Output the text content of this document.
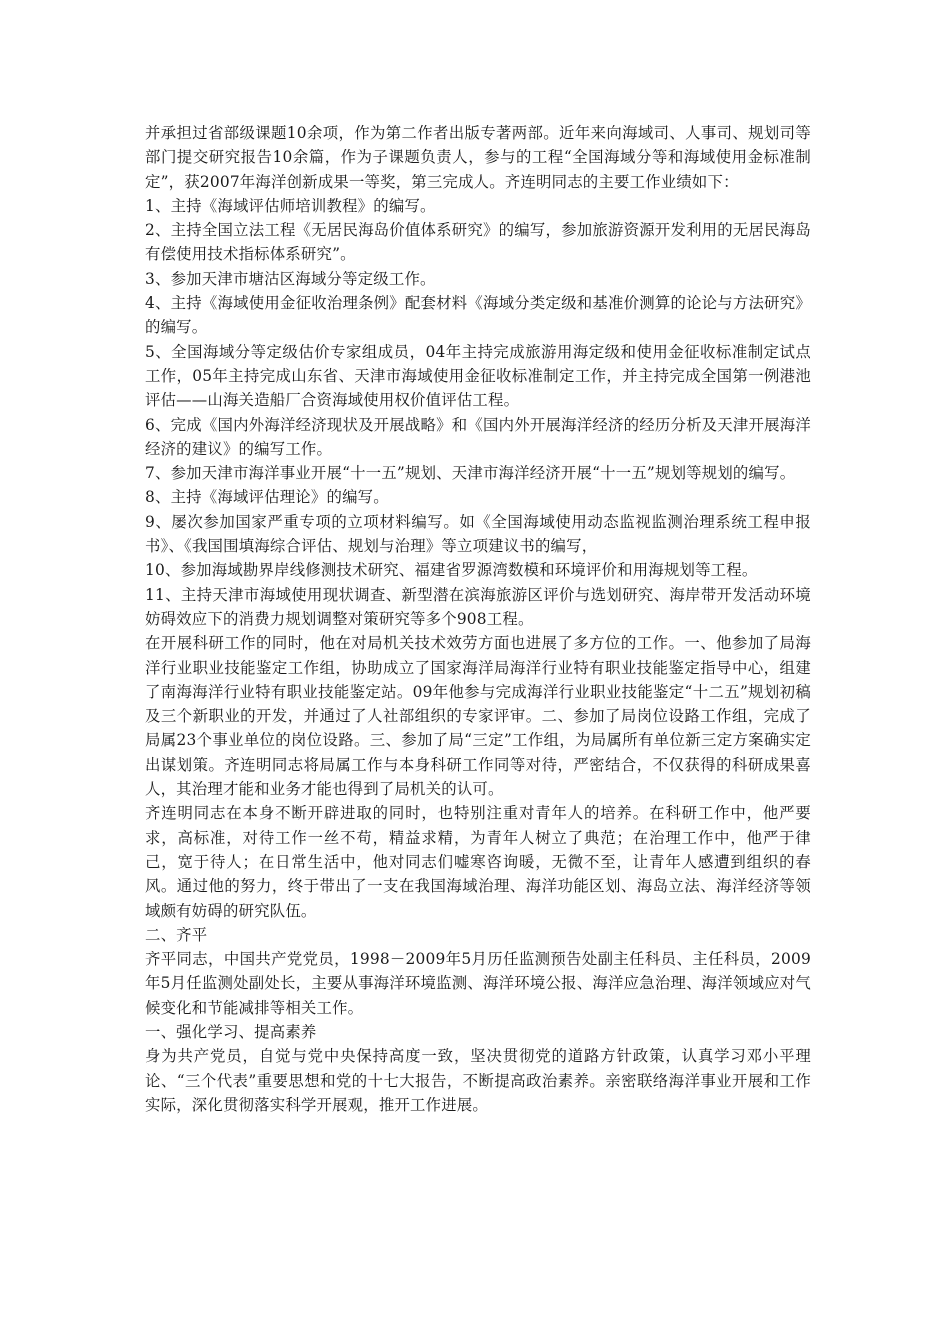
并承担过省部级课题10余项，作为第二作者出版专著两部。近年来向海域司、人事司、规划司等部门提交研究报告10余篇，作为子课题负责人，参与的工程“全国海域分等和海域使用金标准制定”，获2007年海洋创新成果一等奖，第三完成人。齐连明同志的主要工作业绩如下：

1、主持《海域评估师培训教程》的编写。

2、主持全国立法工程《无居民海岛价值体系研究》的编写，参加旅游资源开发利用的无居民海岛有偿使用技术指标体系研究”。

3、参加天津市塘沽区海域分等定级工作。

4、主持《海域使用金征收治理条例》配套材料《海域分类定级和基准价测算的论论与方法研究》的编写。

5、全国海域分等定级估价专家组成员，04年主持完成旅游用海定级和使用金征收标准制定试点工作，05年主持完成山东省、天津市海域使用金征收标准制定工作，并主持完成全国第一例港池评估——山海关造船厂合资海域使用权价值评估工程。

6、完成《国内外海洋经济现状及开展战略》和《国内外开展海洋经济的经历分析及天津开展海洋经济的建议》的编写工作。

7、参加天津市海洋事业开展“十一五”规划、天津市海洋经济开展“十一五”规划等规划的编写。

8、主持《海域评估理论》的编写。

9、屡次参加国家严重专项的立项材料编写。如《全国海域使用动态监视监测治理系统工程申报书》、《我国围填海综合评估、规划与治理》等立项建议书的编写，

10、参加海域勘界岸线修测技术研究、福建省罗源湾数模和环境评价和用海规划等工程。

11、主持天津市海域使用现状调查、新型潜在滨海旅游区评价与选划研究、海岸带开发活动环境妨碍效应下的消费力规划调整对策研究等多个908工程。

在开展科研工作的同时，他在对局机关技术效劳方面也进展了多方位的工作。一、他参加了局海洋行业职业技能鉴定工作组，协助成立了国家海洋局海洋行业特有职业技能鉴定指导中心，组建了南海海洋行业特有职业技能鉴定站。09年他参与完成海洋行业职业技能鉴定“十二五”规划初稿及三个新职业的开发，并通过了人社部组织的专家评审。二、参加了局岗位设路工作组，完成了局属23个事业单位的岗位设路。三、参加了局“三定”工作组，为局属所有单位新三定方案确实定出谋划策。齐连明同志将局属工作与本身科研工作同等对待，严密结合，不仅获得的科研成果喜人，其治理才能和业务才能也得到了局机关的认可。

齐连明同志在本身不断开辟进取的同时，也特别注重对青年人的培养。在科研工作中，他严要求，高标准，对待工作一丝不苟，精益求精，为青年人树立了典范；在治理工作中，他严于律己，宽于待人；在日常生活中，他对同志们嘘寒咨询暖，无微不至，让青年人感遭到组织的春风。通过他的努力，终于带出了一支在我国海域治理、海洋功能区划、海岛立法、海洋经济等领域颇有妨碍的研究队伍。

二、齐平

齐平同志，中国共产党党员，1998－2009年5月历任监测预告处副主任科员、主任科员，2009年5月任监测处副处长，主要从事海洋环境监测、海洋环境公报、海洋应急治理、海洋领域应对气候变化和节能减排等相关工作。

一、强化学习、提高素养

身为共产党员，自觉与党中央保持高度一致，坚决贯彻党的道路方针政策，认真学习邓小平理论、“三个代表”重要思想和党的十七大报告，不断提高政治素养。亲密联络海洋事业开展和工作实际，深化贯彻落实科学开展观，推开工作进展。
